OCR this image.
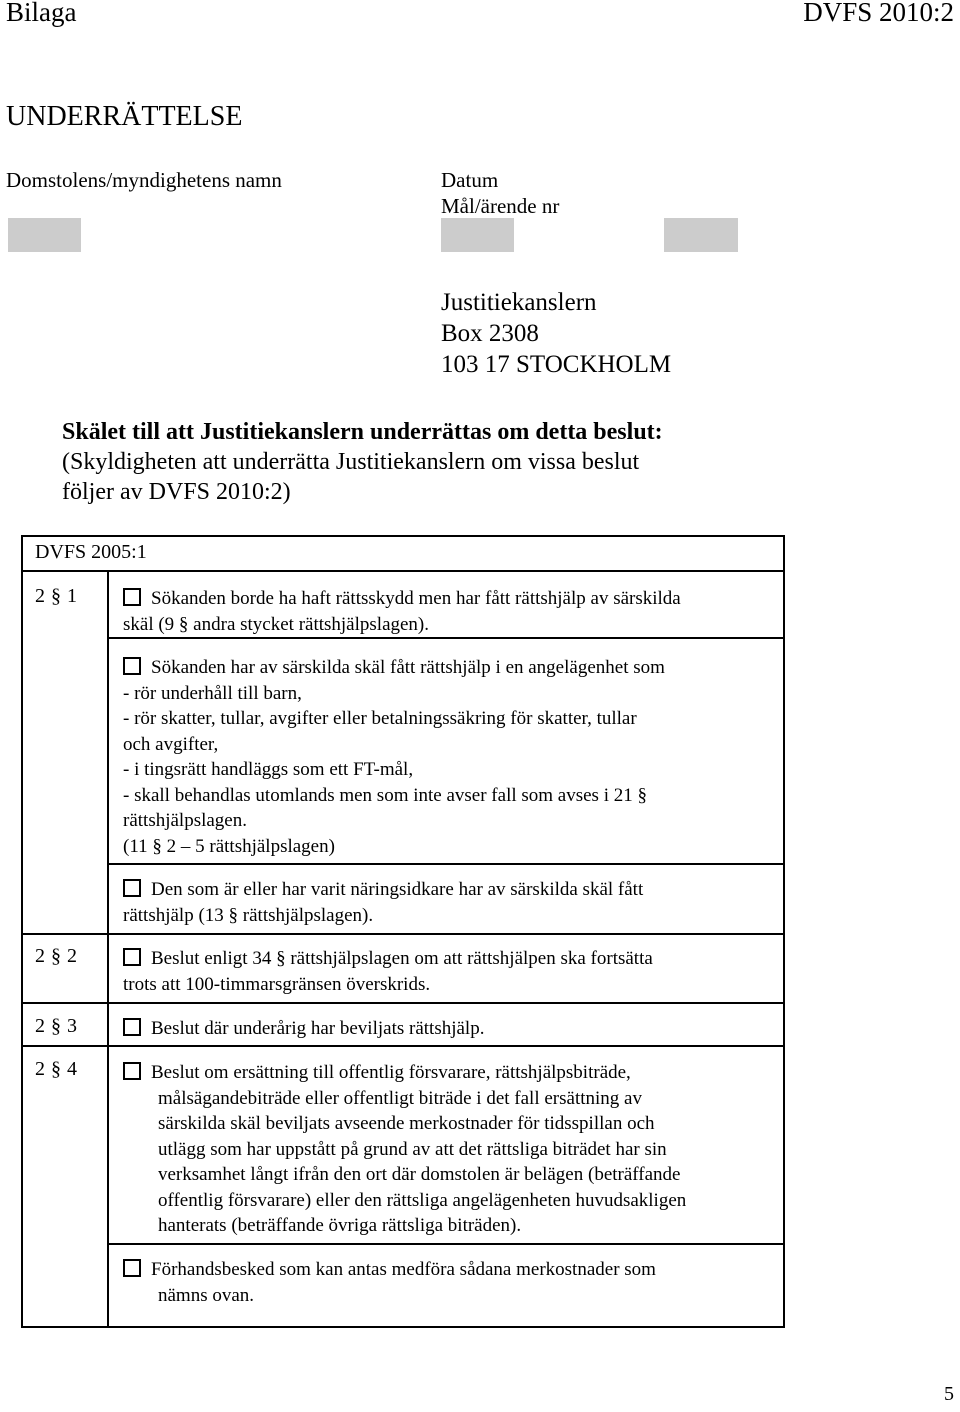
Bilaga	DVFS 2010:2
UNDERRÄTTELSE
Domstolens/myndighetens namn	Datum
Mål/ärende nr
Justitiekanslern
Box 2308
103 17 STOCKHOLM
Skälet till att Justitiekanslern underrättas om detta beslut:
(Skyldigheten att underrätta Justitiekanslern om vissa beslut
följer av DVFS 2010:2)
DVFS 2005:1
2 § 1
2 § 2
2 § 3
2 § 4
Sökanden borde ha haft rättsskydd men har fått rättshjälp av särskilda
skäl (9 § andra stycket rättshjälpslagen).
Sökanden har av särskilda skäl fått rättshjälp i en angelägenhet som
- rör underhåll till barn,
- rör skatter, tullar, avgifter eller betalningssäkring för skatter, tullar
och avgifter,
- i tingsrätt handläggs som ett FT-mål,
- skall behandlas utomlands men som inte avser fall som avses i 21 §
rättshjälpslagen.
(11 § 2 – 5 rättshjälpslagen)
Den som är eller har varit näringsidkare har av särskilda skäl fått
rättshjälp (13 § rättshjälpslagen).
Beslut enligt 34 § rättshjälpslagen om att rättshjälpen ska fortsätta
trots att 100-timmarsgränsen överskrids.
Beslut där underårig har beviljats rättshjälp.
Beslut om ersättning till offentlig försvarare, rättshjälpsbiträde,
målsägandebiträde eller offentligt biträde i det fall ersättning av
särskilda skäl beviljats avseende merkostnader för tidsspillan och
utlägg som har uppstått på grund av att det rättsliga biträdet har sin
verksamhet långt ifrån den ort där domstolen är belägen (beträffande
offentlig försvarare) eller den rättsliga angelägenheten huvudsakligen
hanterats (beträffande övriga rättsliga biträden).
Förhandsbesked som kan antas medföra sådana merkostnader som
nämns ovan.
5
